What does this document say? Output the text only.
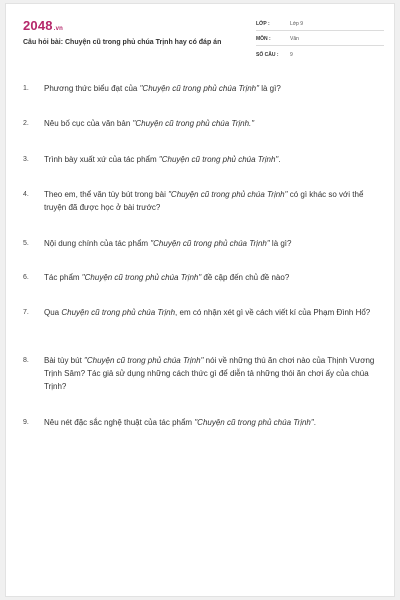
2048.vn
Câu hỏi bài: Chuyện cũ trong phủ chúa Trịnh hay có đáp án
LỚP :	Lớp 9
MÔN :	Văn
SỐ CÂU :	9
1.	Phương thức biểu đạt của "Chuyện cũ trong phủ chúa Trịnh" là gì?
2.	Nêu bố cục của văn bản "Chuyện cũ trong phủ chúa Trịnh."
3.	Trình bày xuất xứ của tác phẩm "Chuyện cũ trong phủ chúa Trịnh".
4.	Theo em, thể văn tùy bút trong bài "Chuyện cũ trong phủ chúa Trịnh" có gì khác so với thể truyện đã được học ở bài trước?
5.	Nội dung chính của tác phẩm "Chuyện cũ trong phủ chúa Trịnh" là gì?
6.	Tác phẩm "Chuyện cũ trong phủ chúa Trịnh" đề cập đến chủ đề nào?
7.	Qua Chuyện cũ trong phủ chúa Trịnh, em có nhận xét gì về cách viết kí của Phạm Đình Hổ?
8.	Bài tùy bút "Chuyện cũ trong phủ chúa Trịnh" nói về những thú ăn chơi nào của Thịnh Vương Trịnh Sâm? Tác giả sử dụng những cách thức gì để diễn tả những thói ăn chơi ấy của chúa Trịnh?
9.	Nêu nét đặc sắc nghệ thuật của tác phẩm "Chuyện cũ trong phủ chúa Trịnh".
